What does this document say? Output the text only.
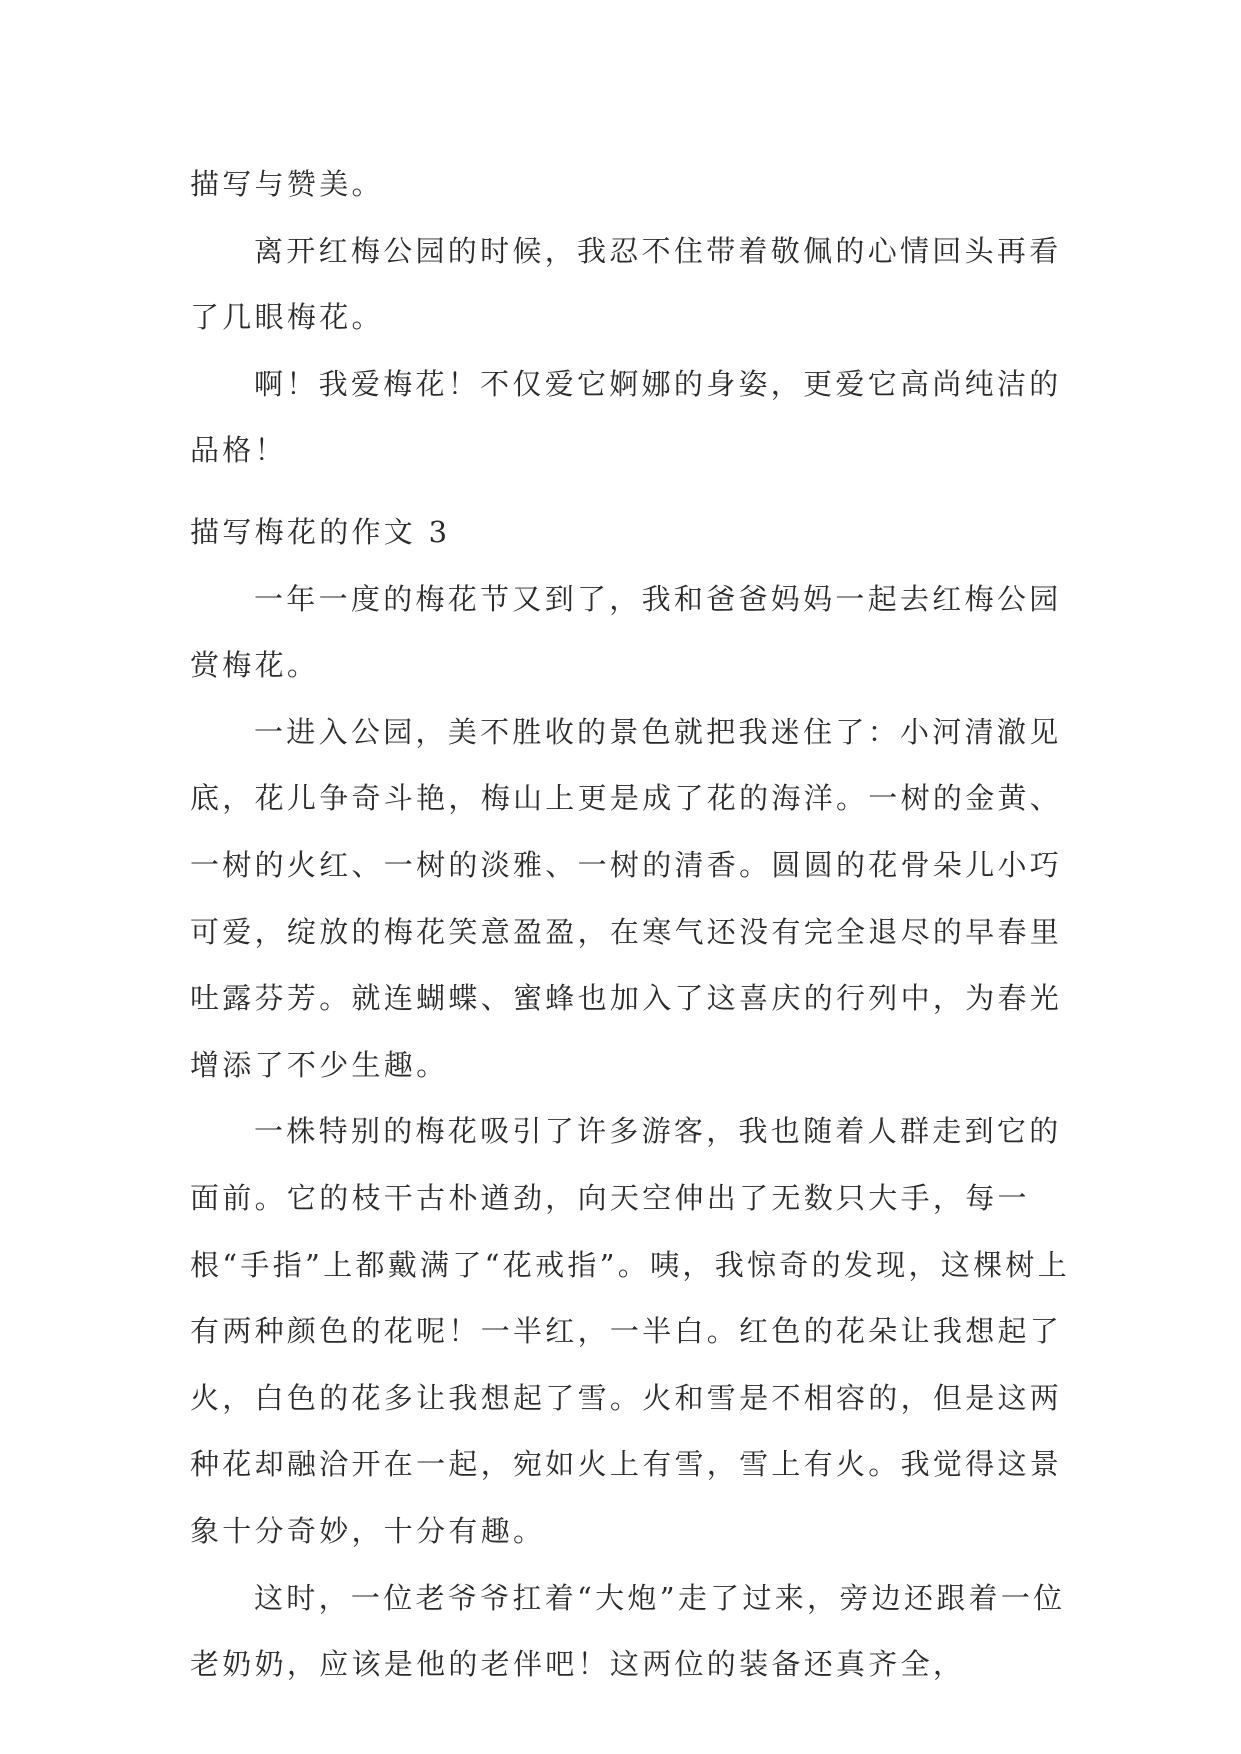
描写与赞美。

离开红梅公园的时候，我忍不住带着敬佩的心情回头再看了几眼梅花。

啊！我爱梅花！不仅爱它婀娜的身姿，更爱它高尚纯洁的品格！

描写梅花的作文 3

一年一度的梅花节又到了，我和爸爸妈妈一起去红梅公园赏梅花。

一进入公园，美不胜收的景色就把我迷住了：小河清澈见底，花儿争奇斗艳，梅山上更是成了花的海洋。一树的金黄、一树的火红、一树的淡雅、一树的清香。圆圆的花骨朵儿小巧可爱，绽放的梅花笑意盈盈，在寒气还没有完全退尽的早春里吐露芬芳。就连蝴蝶、蜜蜂也加入了这喜庆的行列中，为春光增添了不少生趣。

一株特别的梅花吸引了许多游客，我也随着人群走到它的面前。它的枝干古朴遒劲，向天空伸出了无数只大手，每一根“手指”上都戴满了“花戒指”。咦，我惊奇的发现，这棵树上有两种颜色的花呢！一半红，一半白。红色的花朵让我想起了火，白色的花多让我想起了雪。火和雪是不相容的，但是这两种花却融洽开在一起，宛如火上有雪，雪上有火。我觉得这景象十分奇妙，十分有趣。

这时，一位老爷爷扛着“大炮”走了过来，旁边还跟着一位老奶奶，应该是他的老伴吧！这两位的装备还真齐全，
